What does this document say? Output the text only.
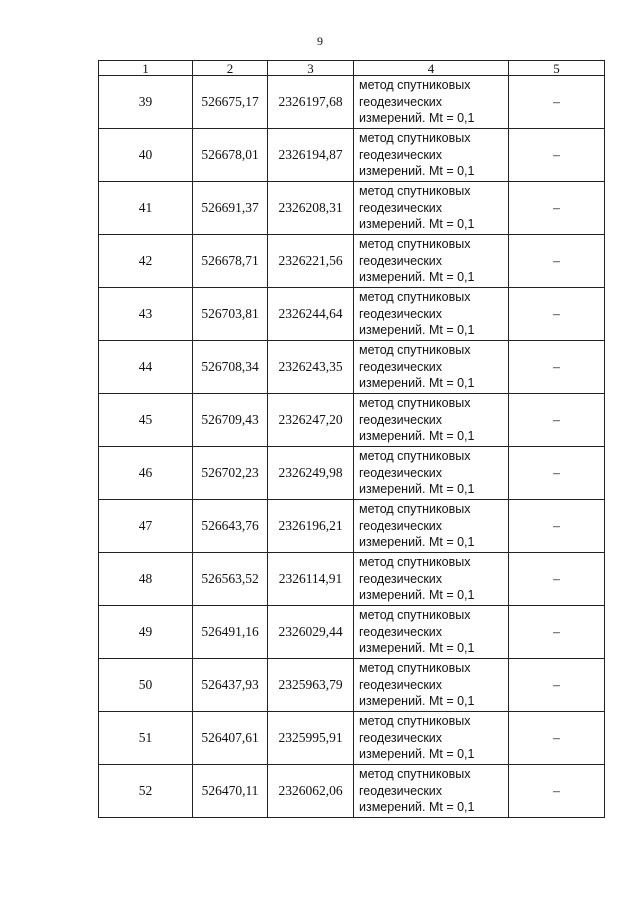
9
1	2	3	4	5
39	526675,17	2326197,68	метод спутниковых
геодезических
измерений. Mt = 0,1	–
40	526678,01	2326194,87	метод спутниковых
геодезических
измерений. Mt = 0,1	–
41	526691,37	2326208,31	метод спутниковых
геодезических
измерений. Mt = 0,1	–
42	526678,71	2326221,56	метод спутниковых
геодезических
измерений. Mt = 0,1	–
43	526703,81	2326244,64	метод спутниковых
геодезических
измерений. Mt = 0,1	–
44	526708,34	2326243,35	метод спутниковых
геодезических
измерений. Mt = 0,1	–
45	526709,43	2326247,20	метод спутниковых
геодезических
измерений. Mt = 0,1	–
46	526702,23	2326249,98	метод спутниковых
геодезических
измерений. Mt = 0,1	–
47	526643,76	2326196,21	метод спутниковых
геодезических
измерений. Mt = 0,1	–
48	526563,52	2326114,91	метод спутниковых
геодезических
измерений. Mt = 0,1	–
49	526491,16	2326029,44	метод спутниковых
геодезических
измерений. Mt = 0,1	–
50	526437,93	2325963,79	метод спутниковых
геодезических
измерений. Mt = 0,1	–
51	526407,61	2325995,91	метод спутниковых
геодезических
измерений. Mt = 0,1	–
52	526470,11	2326062,06	метод спутниковых
геодезических
измерений. Mt = 0,1	–
